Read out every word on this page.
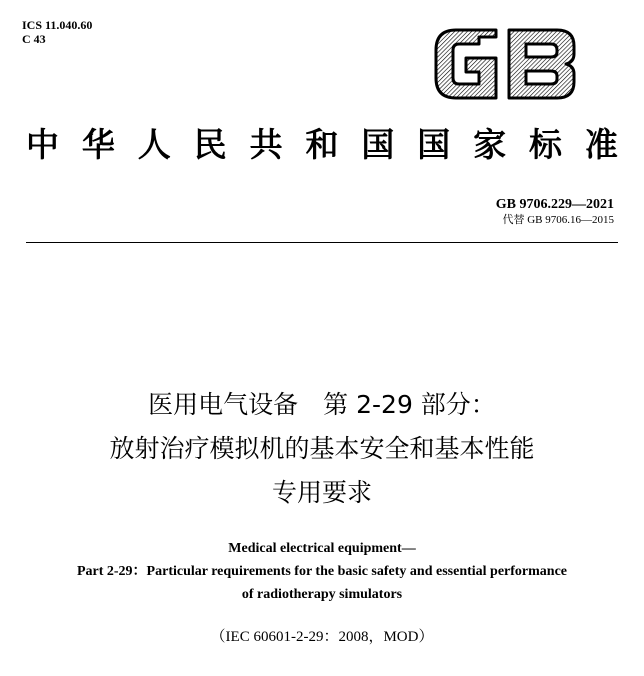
ICS 11.040.60
C 43
中 华 人 民 共 和 国 国 家 标 准
GB 9706.229—2021
代替 GB 9706.16—2015
医用电气设备　第 2-29 部分：
放射治疗模拟机的基本安全和基本性能
专用要求
Medical electrical equipment—
Part 2-29：Particular requirements for the basic safety and essential performance
of radiotherapy simulators
（IEC 60601-2-29：2008，MOD）
